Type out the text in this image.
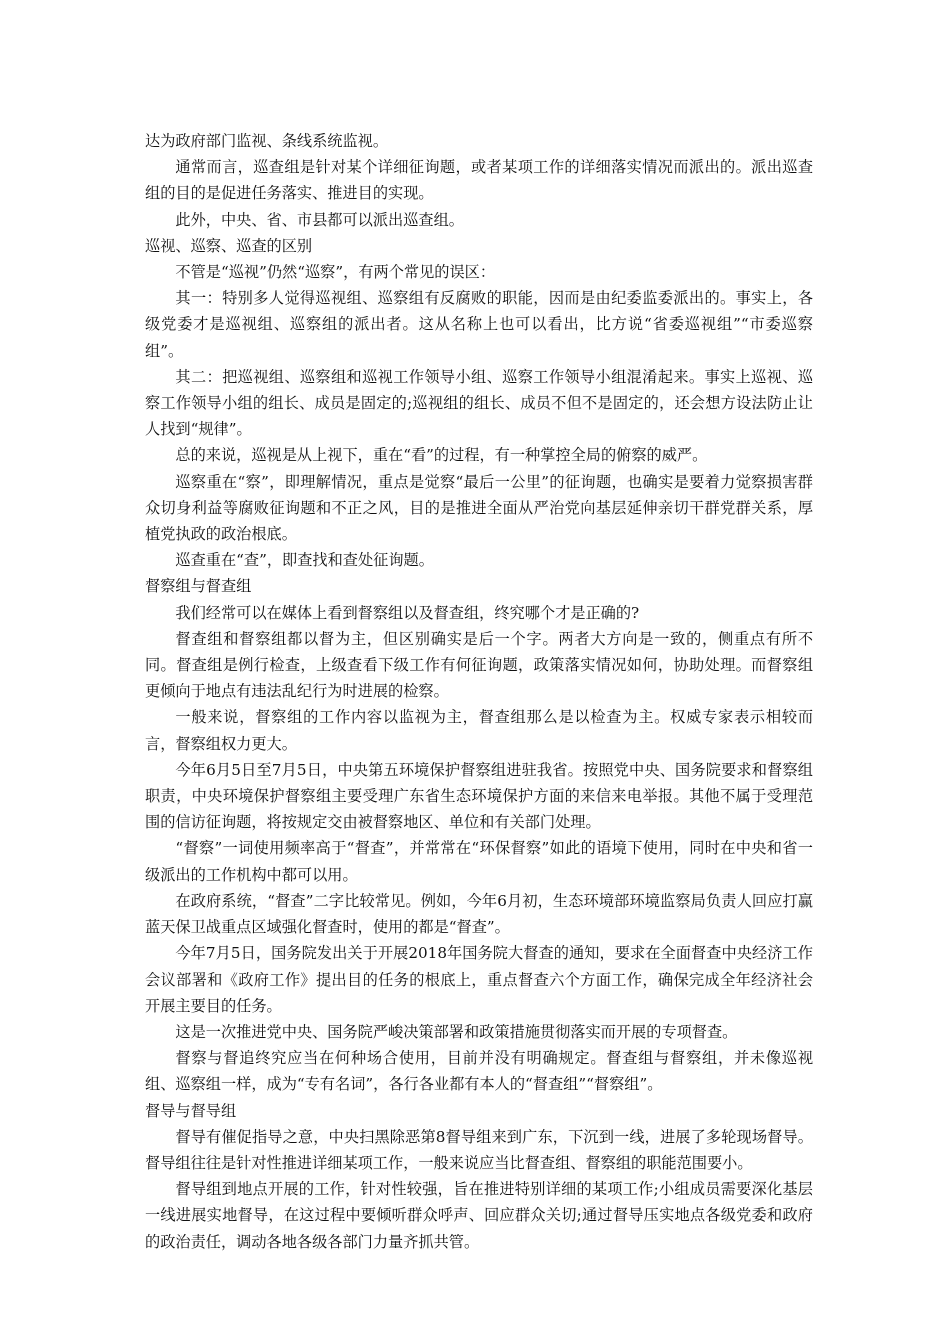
达为政府部门监视、条线系统监视。

通常而言，巡查组是针对某个详细征询题，或者某项工作的详细落实情况而派出的。派出巡查组的目的是促进任务落实、推进目的实现。

此外，中央、省、市县都可以派出巡查组。

巡视、巡察、巡查的区别

不管是“巡视”仍然“巡察”，有两个常见的误区：

其一：特别多人觉得巡视组、巡察组有反腐败的职能，因而是由纪委监委派出的。事实上，各级党委才是巡视组、巡察组的派出者。这从名称上也可以看出，比方说“省委巡视组”“市委巡察组”。

其二：把巡视组、巡察组和巡视工作领导小组、巡察工作领导小组混淆起来。事实上巡视、巡察工作领导小组的组长、成员是固定的;巡视组的组长、成员不但不是固定的，还会想方设法防止让人找到“规律”。

总的来说，巡视是从上视下，重在“看”的过程，有一种掌控全局的俯察的威严。

巡察重在“察”，即理解情况，重点是觉察“最后一公里”的征询题，也确实是要着力觉察损害群众切身利益等腐败征询题和不正之风，目的是推进全面从严治党向基层延伸亲切干群党群关系，厚植党执政的政治根底。

巡查重在“查”，即查找和查处征询题。

督察组与督查组

我们经常可以在媒体上看到督察组以及督查组，终究哪个才是正确的?

督查组和督察组都以督为主，但区别确实是后一个字。两者大方向是一致的，侧重点有所不同。督查组是例行检查，上级查看下级工作有何征询题，政策落实情况如何，协助处理。而督察组更倾向于地点有违法乱纪行为时进展的检察。

一般来说，督察组的工作内容以监视为主，督查组那么是以检查为主。权威专家表示相较而言，督察组权力更大。

今年6月5日至7月5日，中央第五环境保护督察组进驻我省。按照党中央、国务院要求和督察组职责，中央环境保护督察组主要受理广东省生态环境保护方面的来信来电举报。其他不属于受理范围的信访征询题，将按规定交由被督察地区、单位和有关部门处理。

“督察”一词使用频率高于“督查”，并常常在“环保督察”如此的语境下使用，同时在中央和省一级派出的工作机构中都可以用。

在政府系统，“督查”二字比较常见。例如，今年6月初，生态环境部环境监察局负责人回应打赢蓝天保卫战重点区域强化督查时，使用的都是“督查”。

今年7月5日，国务院发出关于开展2018年国务院大督查的通知，要求在全面督查中央经济工作会议部署和《政府工作》提出目的任务的根底上，重点督查六个方面工作，确保完成全年经济社会开展主要目的任务。

这是一次推进党中央、国务院严峻决策部署和政策措施贯彻落实而开展的专项督查。

督察与督追终究应当在何种场合使用，目前并没有明确规定。督查组与督察组，并未像巡视组、巡察组一样，成为“专有名词”，各行各业都有本人的“督查组”“督察组”。

督导与督导组

督导有催促指导之意，中央扫黑除恶第8督导组来到广东，下沉到一线，进展了多轮现场督导。督导组往往是针对性推进详细某项工作，一般来说应当比督查组、督察组的职能范围要小。

督导组到地点开展的工作，针对性较强，旨在推进特别详细的某项工作;小组成员需要深化基层一线进展实地督导，在这过程中要倾听群众呼声、回应群众关切;通过督导压实地点各级党委和政府的政治责任，调动各地各级各部门力量齐抓共管。
